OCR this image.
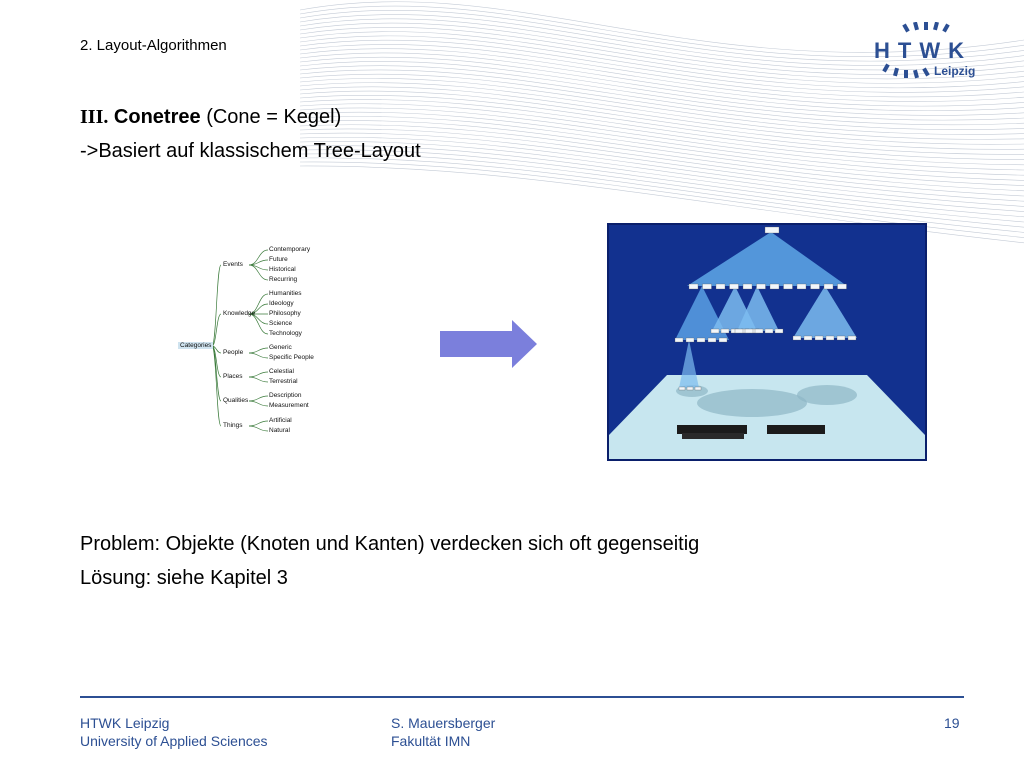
2. Layout-Algorithmen	HTWK
Leipzig
III. Conetree (Cone = Kegel)
->Basiert auf klassischem Tree-Layout
Categories
Events
Contemporary
Future
Historical
Recurring
Knowledge
Humanities
Ideology
Philosophy
Science
Technology
People
Generic
Specific People
Places
Celestial
Terrestrial
Qualities
Description
Measurement
Things
Artificial
Natural
Problem: Objekte (Knoten und Kanten) verdecken sich oft gegenseitig
Lösung: siehe Kapitel 3
HTWK Leipzig
University of Applied Sciences
S. Mauersberger
Fakultät IMN
19
